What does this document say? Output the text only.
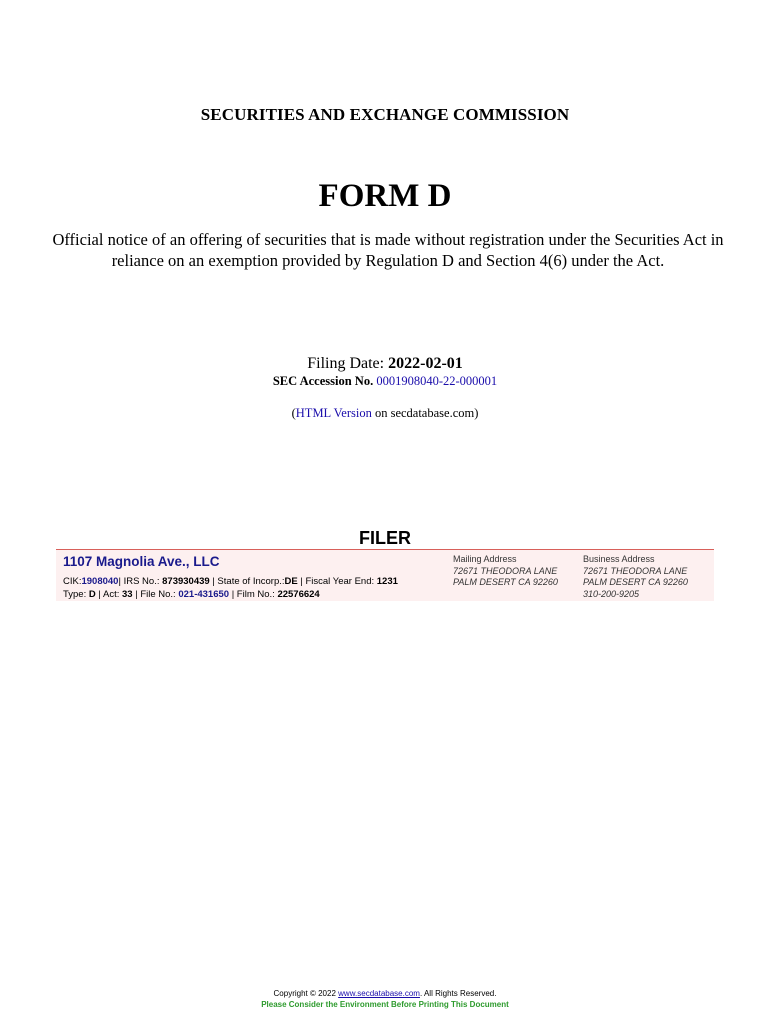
SECURITIES AND EXCHANGE COMMISSION
FORM D
Official notice of an offering of securities that is made without registration under the Securities Act in reliance on an exemption provided by Regulation D and Section 4(6) under the Act.
Filing Date: 2022-02-01
SEC Accession No. 0001908040-22-000001
(HTML Version on secdatabase.com)
FILER
1107 Magnolia Ave., LLC
CIK:1908040| IRS No.: 873930439 | State of Incorp.:DE | Fiscal Year End: 1231
Type: D | Act: 33 | File No.: 021-431650 | Film No.: 22576624
Mailing Address
72671 THEODORA LANE
PALM DESERT CA 92260
Business Address
72671 THEODORA LANE
PALM DESERT CA 92260
310-200-9205
Copyright © 2022 www.secdatabase.com. All Rights Reserved.
Please Consider the Environment Before Printing This Document
